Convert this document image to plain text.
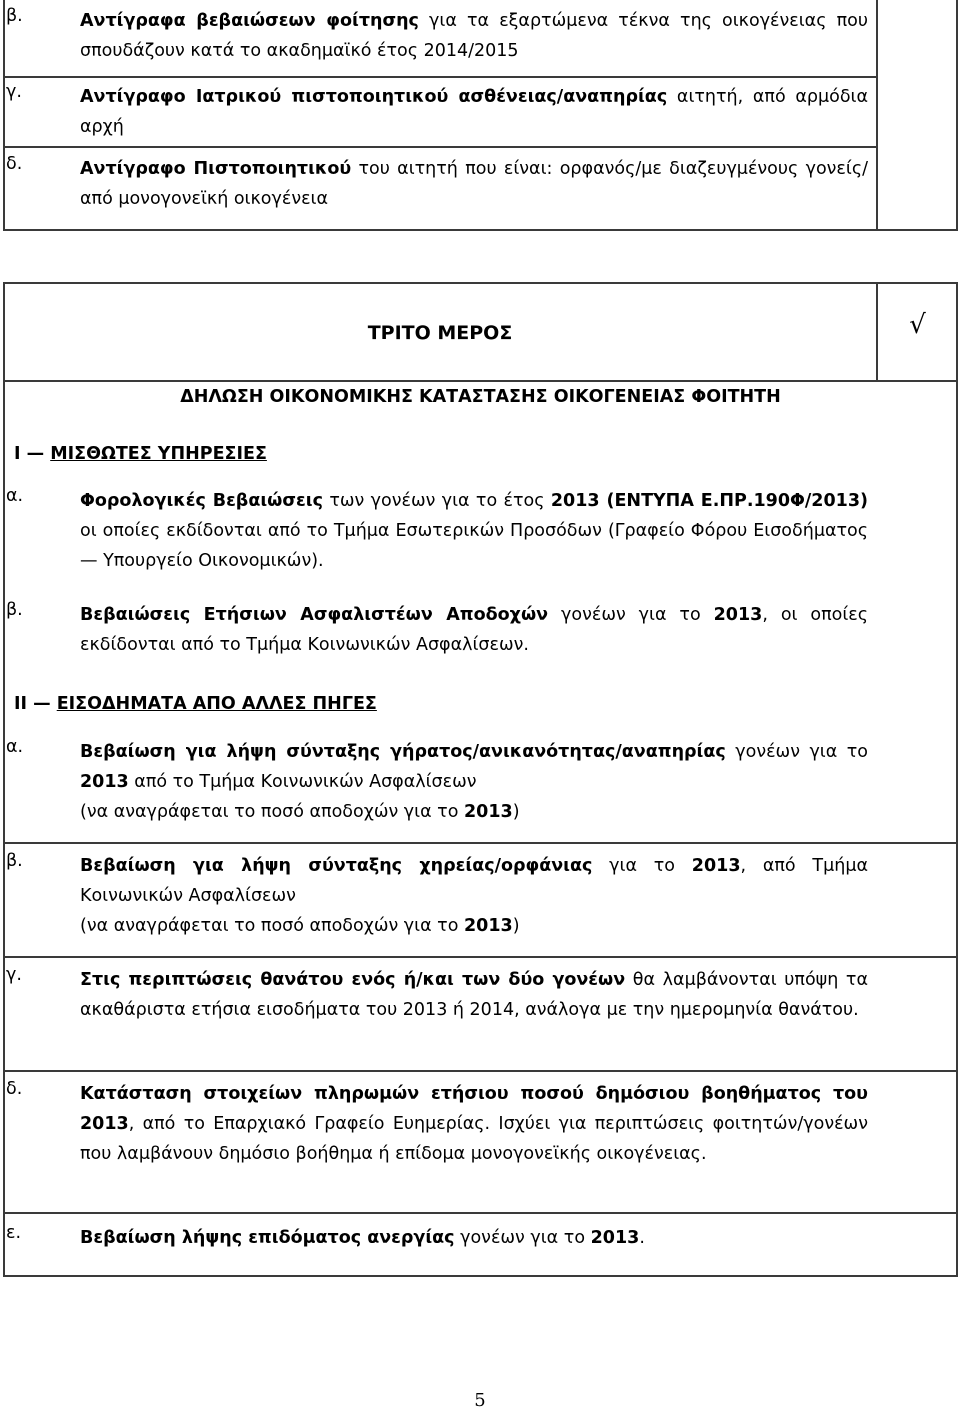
β.	Αντίγραφα βεβαιώσεων φοίτησης για τα εξαρτώμενα τέκνα της οικογένειας που σπουδάζουν κατά το ακαδημαϊκό έτος 2014/2015
γ.	Αντίγραφο Ιατρικού πιστοποιητικού ασθένειας/αναπηρίας αιτητή, από αρμόδια αρχή
δ.	Αντίγραφο Πιστοποιητικού του αιτητή που είναι: ορφανός/με διαζευγμένους γονείς/από μονογονεϊκή οικογένεια
ΤΡΙΤΟ ΜΕΡΟΣ	√
ΔΗΛΩΣΗ ΟΙΚΟΝΟΜΙΚΗΣ ΚΑΤΑΣΤΑΣΗΣ ΟΙΚΟΓΕΝΕΙΑΣ ΦΟΙΤΗΤΗ
I — ΜΙΣΘΩΤΕΣ ΥΠΗΡΕΣΙΕΣ
α.	Φορολογικές Βεβαιώσεις των γονέων για το έτος 2013 (ΕΝΤΥΠΑ Ε.ΠΡ.190Φ/2013) οι οποίες εκδίδονται από το Τμήμα Εσωτερικών Προσόδων (Γραφείο Φόρου Εισοδήματος — Υπουργείο Οικονομικών).
β.	Βεβαιώσεις Ετήσιων Ασφαλιστέων Αποδοχών γονέων για το 2013, οι οποίες εκδίδονται από το Τμήμα Κοινωνικών Ασφαλίσεων.
II — ΕΙΣΟΔΗΜΑΤΑ ΑΠΟ ΑΛΛΕΣ ΠΗΓΕΣ
α.	Βεβαίωση για λήψη σύνταξης γήρατος/ανικανότητας/αναπηρίας γονέων για το 2013 από το Τμήμα Κοινωνικών Ασφαλίσεων
(να αναγράφεται το ποσό αποδοχών για το 2013)
β.	Βεβαίωση για λήψη σύνταξης χηρείας/ορφάνιας για το 2013, από Τμήμα Κοινωνικών Ασφαλίσεων
(να αναγράφεται το ποσό αποδοχών για το 2013)
γ.	Στις περιπτώσεις θανάτου ενός ή/και των δύο γονέων θα λαμβάνονται υπόψη τα ακαθάριστα ετήσια εισοδήματα του 2013 ή 2014, ανάλογα με την ημερομηνία θανάτου.
δ.	Κατάσταση στοιχείων πληρωμών ετήσιου ποσού δημόσιου βοηθήματος του 2013, από το Επαρχιακό Γραφείο Ευημερίας. Ισχύει για περιπτώσεις φοιτητών/γονέων που λαμβάνουν δημόσιο βοήθημα ή επίδομα μονογονεϊκής οικογένειας.
ε.	Βεβαίωση λήψης επιδόματος ανεργίας γονέων για το 2013.
5
